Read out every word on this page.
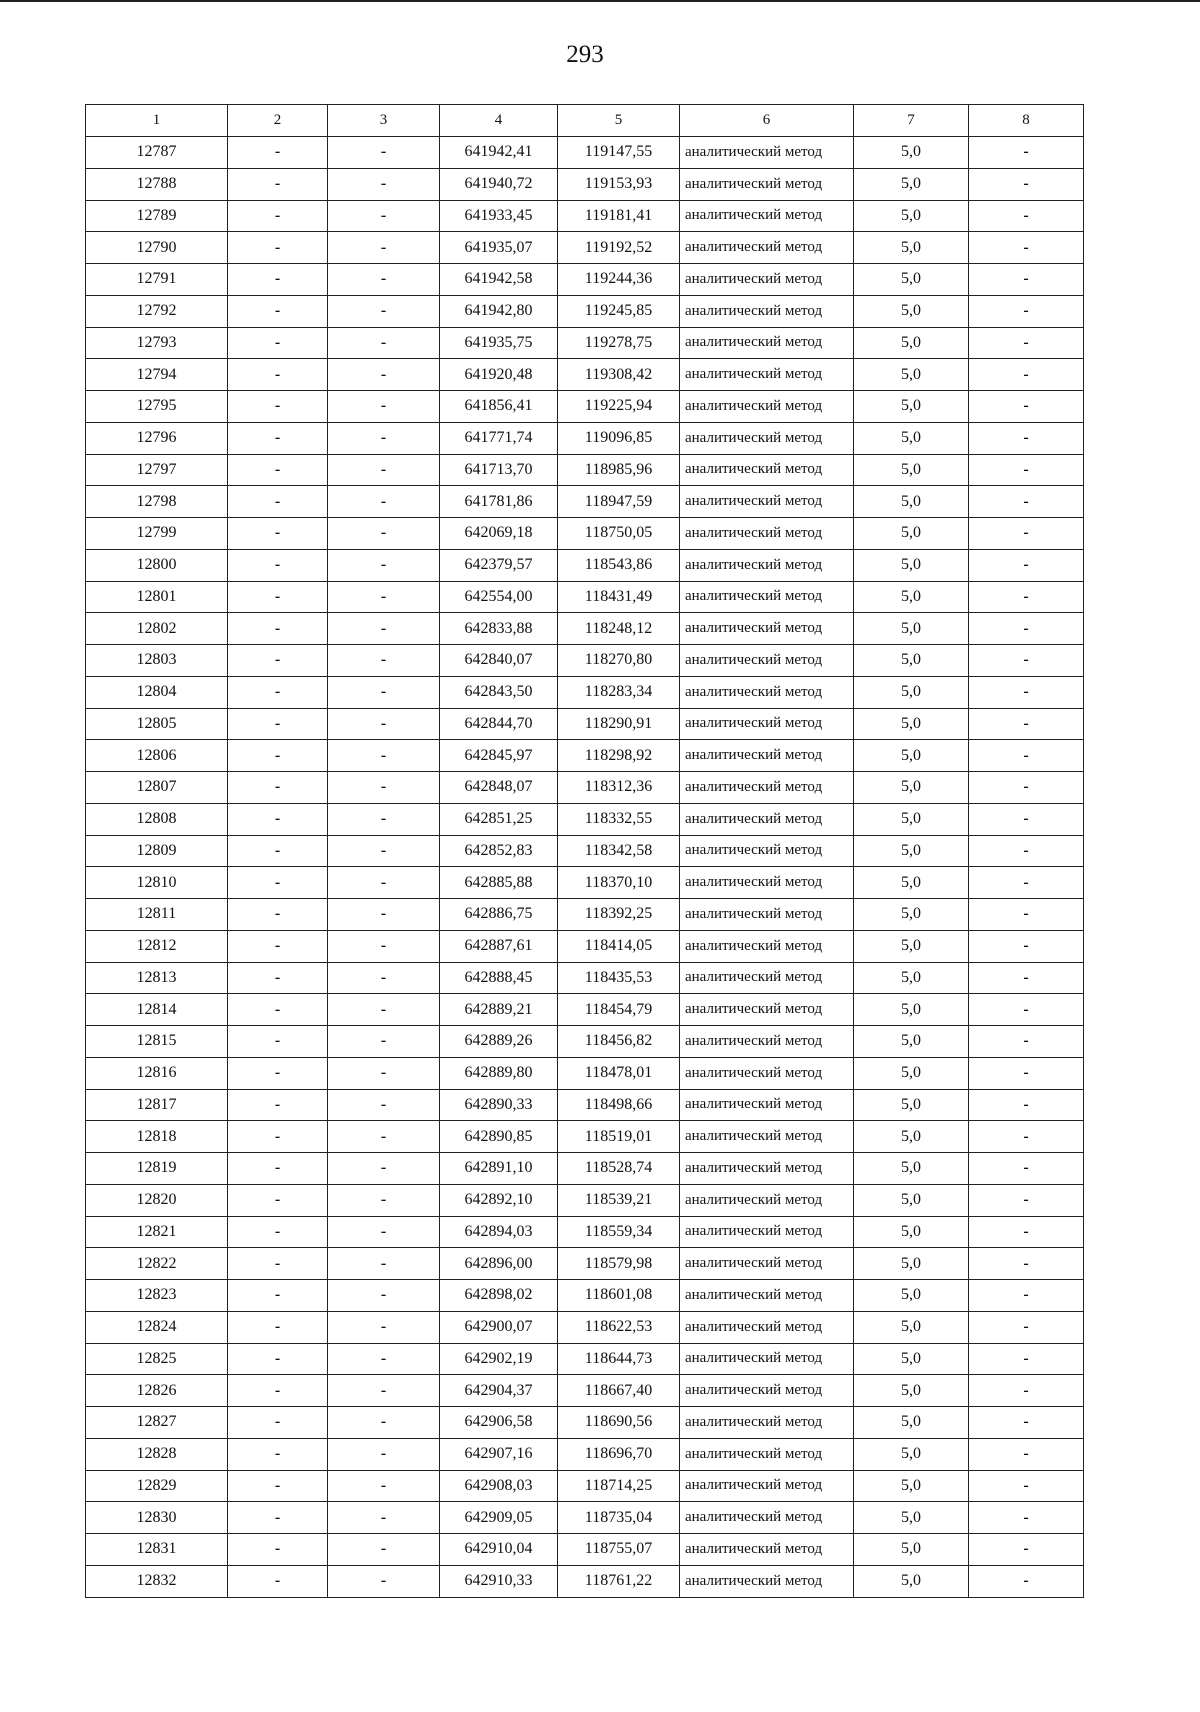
293
1	2	3	4	5	6	7	8
12787	-	-	641942,41	119147,55	аналитический метод	5,0	-
12788	-	-	641940,72	119153,93	аналитический метод	5,0	-
12789	-	-	641933,45	119181,41	аналитический метод	5,0	-
12790	-	-	641935,07	119192,52	аналитический метод	5,0	-
12791	-	-	641942,58	119244,36	аналитический метод	5,0	-
12792	-	-	641942,80	119245,85	аналитический метод	5,0	-
12793	-	-	641935,75	119278,75	аналитический метод	5,0	-
12794	-	-	641920,48	119308,42	аналитический метод	5,0	-
12795	-	-	641856,41	119225,94	аналитический метод	5,0	-
12796	-	-	641771,74	119096,85	аналитический метод	5,0	-
12797	-	-	641713,70	118985,96	аналитический метод	5,0	-
12798	-	-	641781,86	118947,59	аналитический метод	5,0	-
12799	-	-	642069,18	118750,05	аналитический метод	5,0	-
12800	-	-	642379,57	118543,86	аналитический метод	5,0	-
12801	-	-	642554,00	118431,49	аналитический метод	5,0	-
12802	-	-	642833,88	118248,12	аналитический метод	5,0	-
12803	-	-	642840,07	118270,80	аналитический метод	5,0	-
12804	-	-	642843,50	118283,34	аналитический метод	5,0	-
12805	-	-	642844,70	118290,91	аналитический метод	5,0	-
12806	-	-	642845,97	118298,92	аналитический метод	5,0	-
12807	-	-	642848,07	118312,36	аналитический метод	5,0	-
12808	-	-	642851,25	118332,55	аналитический метод	5,0	-
12809	-	-	642852,83	118342,58	аналитический метод	5,0	-
12810	-	-	642885,88	118370,10	аналитический метод	5,0	-
12811	-	-	642886,75	118392,25	аналитический метод	5,0	-
12812	-	-	642887,61	118414,05	аналитический метод	5,0	-
12813	-	-	642888,45	118435,53	аналитический метод	5,0	-
12814	-	-	642889,21	118454,79	аналитический метод	5,0	-
12815	-	-	642889,26	118456,82	аналитический метод	5,0	-
12816	-	-	642889,80	118478,01	аналитический метод	5,0	-
12817	-	-	642890,33	118498,66	аналитический метод	5,0	-
12818	-	-	642890,85	118519,01	аналитический метод	5,0	-
12819	-	-	642891,10	118528,74	аналитический метод	5,0	-
12820	-	-	642892,10	118539,21	аналитический метод	5,0	-
12821	-	-	642894,03	118559,34	аналитический метод	5,0	-
12822	-	-	642896,00	118579,98	аналитический метод	5,0	-
12823	-	-	642898,02	118601,08	аналитический метод	5,0	-
12824	-	-	642900,07	118622,53	аналитический метод	5,0	-
12825	-	-	642902,19	118644,73	аналитический метод	5,0	-
12826	-	-	642904,37	118667,40	аналитический метод	5,0	-
12827	-	-	642906,58	118690,56	аналитический метод	5,0	-
12828	-	-	642907,16	118696,70	аналитический метод	5,0	-
12829	-	-	642908,03	118714,25	аналитический метод	5,0	-
12830	-	-	642909,05	118735,04	аналитический метод	5,0	-
12831	-	-	642910,04	118755,07	аналитический метод	5,0	-
12832	-	-	642910,33	118761,22	аналитический метод	5,0	-
